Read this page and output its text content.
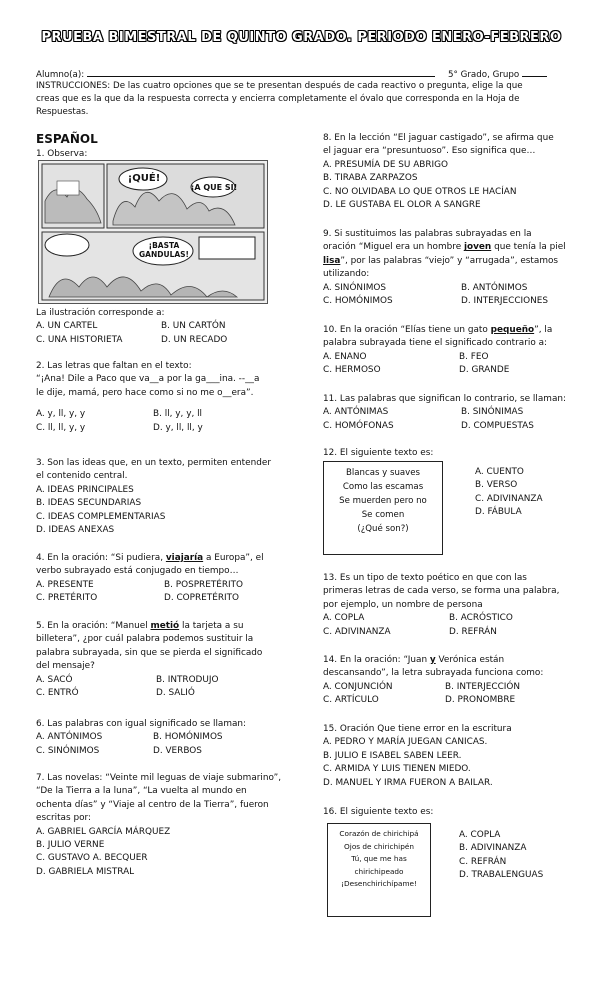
PRUEBA BIMESTRAL DE QUINTO GRADO. PERIODO ENERO-FEBRERO
Alumno(a):	5° Grado, Grupo
INSTRUCCIONES: De las cuatro opciones que se te presentan después de cada reactivo o pregunta, elige la que
creas que es la que da la respuesta correcta y encierra completamente el óvalo que corresponda en la Hoja de
Respuestas.
ESPAÑOL
1. Observa:
¡QUÉ!
¡A QUE SI!
¡BASTA GANDULAS!
La ilustración corresponde a:
A. UN CARTEL	B. UN CARTÓN
C. UNA HISTORIETA	D. UN RECADO
2. Las letras que faltan en el texto:
“¡Ana! Dile a Paco que va__a por la ga___ina. --__a
le dije, mamá, pero hace como si no me o__era”.
A. y, ll, y, y	B. ll, y, y, ll
C. ll, ll, y, y	D. y, ll, ll, y
3. Son las ideas que, en un texto, permiten entender
el contenido central.
A. IDEAS PRINCIPALES
B. IDEAS SECUNDARIAS
C. IDEAS COMPLEMENTARIAS
D. IDEAS ANEXAS
4. En la oración: “Si pudiera, viajaría a Europa”, el
verbo subrayado está conjugado en tiempo…
A. PRESENTE	B. POSPRETÉRITO
C. PRETÉRITO	D. COPRETÉRITO
5. En la oración: “Manuel metió la tarjeta a su
billetera”, ¿por cuál palabra podemos sustituir la
palabra subrayada, sin que se pierda el significado
del mensaje?
A. SACÓ	B. INTRODUJO
C. ENTRÓ	D. SALIÓ
6. Las palabras con igual significado se llaman:
A. ANTÓNIMOS	B. HOMÓNIMOS
C. SINÓNIMOS	D. VERBOS
7. Las novelas: “Veinte mil leguas de viaje submarino”,
“De la Tierra a la luna”, “La vuelta al mundo en
ochenta días” y “Viaje al centro de la Tierra”, fueron
escritas por:
A. GABRIEL GARCÍA MÁRQUEZ
B. JULIO VERNE
C. GUSTAVO A. BECQUER
D. GABRIELA MISTRAL
8. En la lección “El jaguar castigado”, se afirma que
el jaguar era “presuntuoso”. Eso significa que…
A. PRESUMÍA DE SU ABRIGO
B. TIRABA ZARPAZOS
C. NO OLVIDABA LO QUE OTROS LE HACÍAN
D. LE GUSTABA EL OLOR A SANGRE
9. Si sustituimos las palabras subrayadas en la
oración “Miguel era un hombre joven que tenía la piel
lisa”, por las palabras “viejo” y “arrugada”, estamos
utilizando:
A. SINÓNIMOS	B. ANTÓNIMOS
C. HOMÓNIMOS	D. INTERJECCIONES
10. En la oración “Elías tiene un gato pequeño”, la
palabra subrayada tiene el significado contrario a:
A. ENANO	B. FEO
C. HERMOSO	D. GRANDE
11. Las palabras que significan lo contrario, se llaman:
A. ANTÓNIMAS	B. SINÓNIMAS
C. HOMÓFONAS	D. COMPUESTAS
12. El siguiente texto es:
Blancas y suaves
Como las escamas
Se muerden pero no
Se comen
(¿Qué son?)
A. CUENTO
B. VERSO
C. ADIVINANZA
D. FÁBULA
13. Es un tipo de texto poético en que con las
primeras letras de cada verso, se forma una palabra,
por ejemplo, un nombre de persona
A. COPLA	B. ACRÓSTICO
C. ADIVINANZA	D. REFRÁN
14. En la oración: “Juan y Verónica están
descansando”, la letra subrayada funciona como:
A. CONJUNCIÓN	B. INTERJECCIÓN
C. ARTÍCULO	D. PRONOMBRE
15. Oración Que tiene error en la escritura
A. PEDRO Y MARÍA JUEGAN CANICAS.
B. JULIO E ISABEL SABEN LEER.
C. ARMIDA Y LUIS TIENEN MIEDO.
D. MANUEL Y IRMA FUERON A BAILAR.
16. El siguiente texto es:
Corazón de chirichipá
Ojos de chirichipén
Tú, que me has
chirichipeado
¡Desenchirichípame!
A. COPLA
B. ADIVINANZA
C. REFRÁN
D. TRABALENGUAS
